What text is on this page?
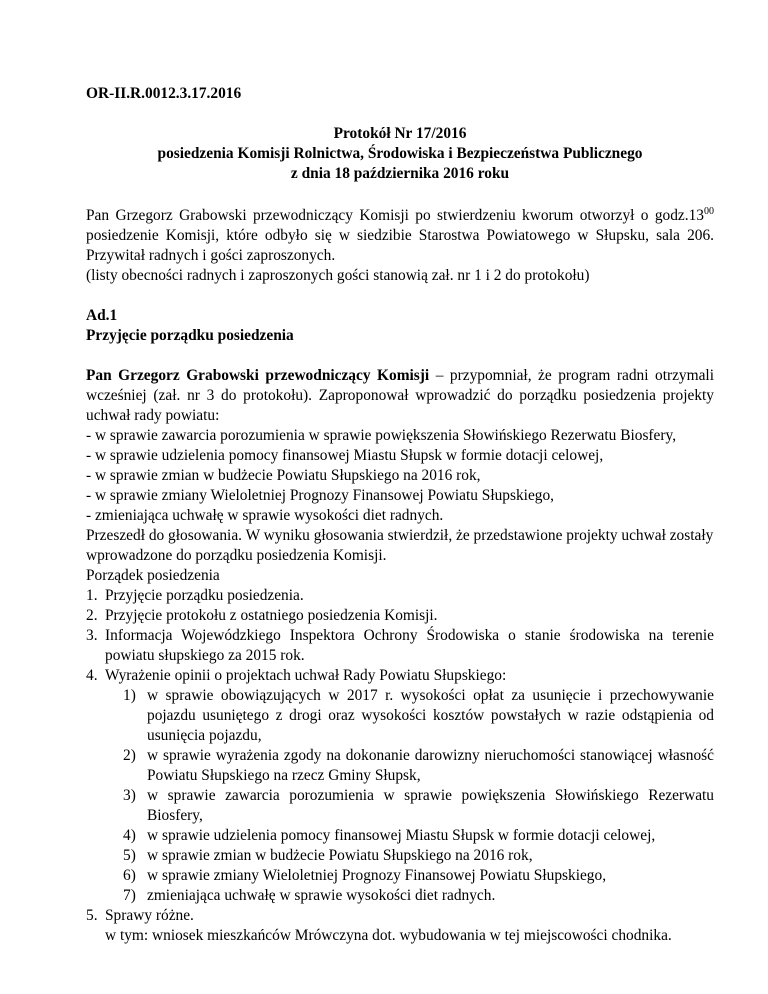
OR-II.R.0012.3.17.2016

Protokół Nr 17/2016

posiedzenia Komisji Rolnictwa, Środowiska i Bezpieczeństwa Publicznego

z dnia 18 października 2016 roku

Pan Grzegorz Grabowski przewodniczący Komisji po stwierdzeniu kworum otworzył o $godz.13^{00}$ posiedzenie Komisji, które odbyło się w siedzibie Starostwa Powiatowego w Słupsku, sala 206. Przywitał radnych i gości zaproszonych.

(listy obecności radnych i zaproszonych gości stanowią zał. nr 1 i 2 do protokołu)

Ad.1

Przyjęcie porządku posiedzenia

Pan Grzegorz Grabowski przewodniczący Komisji – przypomniał, że program radni otrzymali wcześniej (zał. nr 3 do protokołu). Zaproponował wprowadzić do porządku posiedzenia projekty uchwał rady powiatu:

- w sprawie zawarcia porozumienia w sprawie powiększenia Słowińskiego Rezerwatu Biosfery,

- w sprawie udzielenia pomocy finansowej Miastu Słupsk w formie dotacji celowej,

- w sprawie zmian w budżecie Powiatu Słupskiego na 2016 rok,

- w sprawie zmiany Wieloletniej Prognozy Finansowej Powiatu Słupskiego,

- zmieniająca uchwałę w sprawie wysokości diet radnych.

Przeszedł do głosowania. W wyniku głosowania stwierdził, że przedstawione projekty uchwał zostały wprowadzone do porządku posiedzenia Komisji.

Porządek posiedzenia

1. Przyjęcie porządku posiedzenia.
2. Przyjęcie protokołu z ostatniego posiedzenia Komisji.
3. Informacja Wojewódzkiego Inspektora Ochrony Środowiska o stanie środowiska na terenie powiatu słupskiego za 2015 rok.
4. Wyrażenie opinii o projektach uchwał Rady Powiatu Słupskiego:
1) w sprawie obowiązujących w 2017 r. wysokości opłat za usunięcie i przechowywanie pojazdu usuniętego z drogi oraz wysokości kosztów powstałych w razie odstąpienia od usunięcia pojazdu,
2) w sprawie wyrażenia zgody na dokonanie darowizny nieruchomości stanowiącej własność Powiatu Słupskiego na rzecz Gminy Słupsk,
3) w sprawie zawarcia porozumienia w sprawie powiększenia Słowińskiego Rezerwatu Biosfery,
4) w sprawie udzielenia pomocy finansowej Miastu Słupsk w formie dotacji celowej,
5) w sprawie zmian w budżecie Powiatu Słupskiego na 2016 rok,
6) w sprawie zmiany Wieloletniej Prognozy Finansowej Powiatu Słupskiego,
7) zmieniająca uchwałę w sprawie wysokości diet radnych.
5. Sprawy różne.

w tym: wniosek mieszkańców Mrówczyna dot. wybudowania w tej miejscowości chodnika.
